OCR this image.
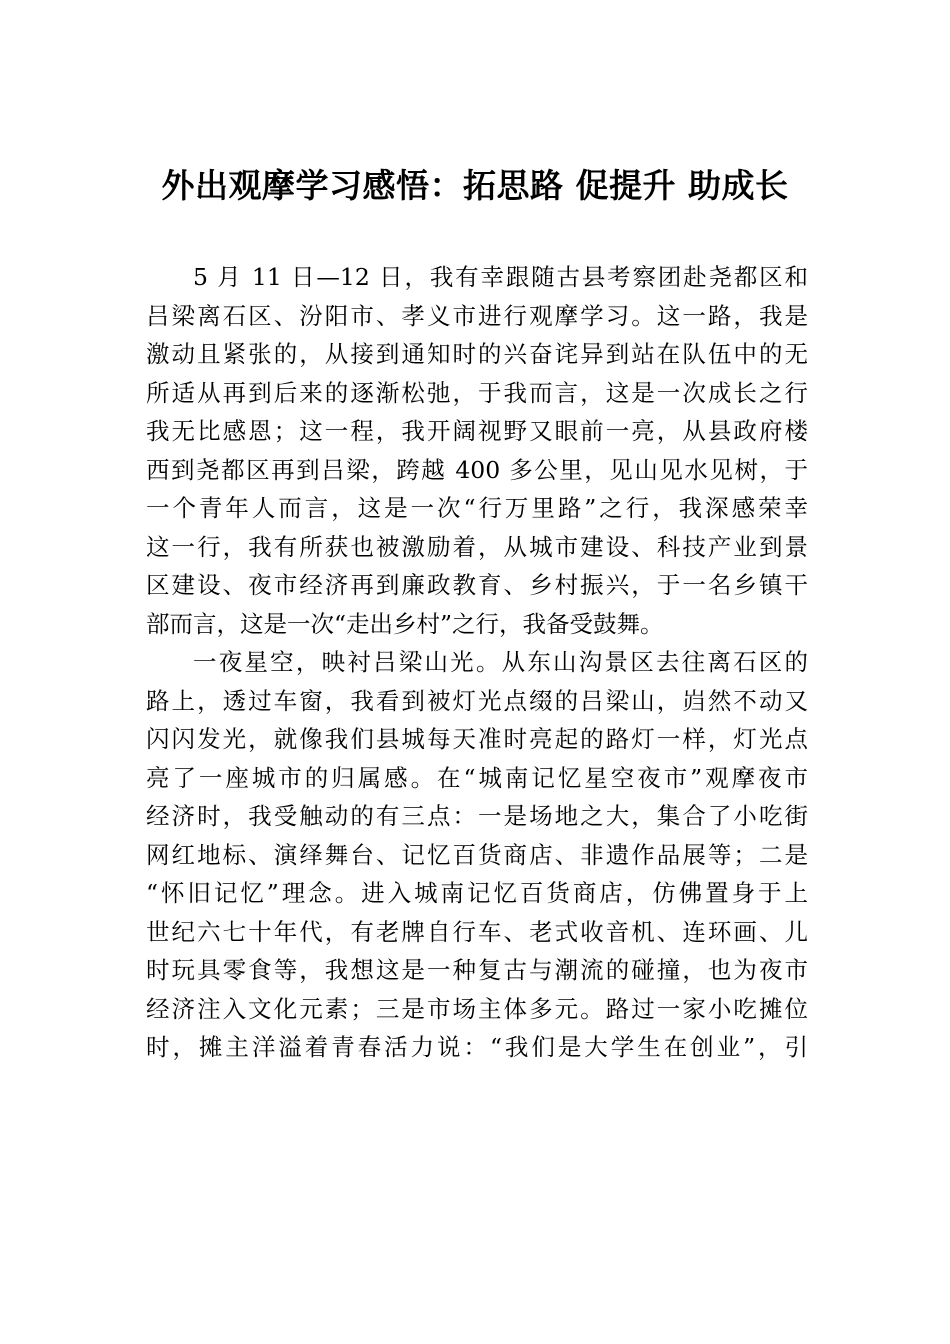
外出观摩学习感悟：拓思路 促提升 助成长
5 月 11 日—12 日，我有幸跟随古县考察团赴尧都区和
吕梁离石区、汾阳市、孝义市进行观摩学习。这一路，我是
激动且紧张的，从接到通知时的兴奋诧异到站在队伍中的无
所适从再到后来的逐渐松弛，于我而言，这是一次成长之行
我无比感恩；这一程，我开阔视野又眼前一亮，从县政府楼
西到尧都区再到吕梁，跨越 400 多公里，见山见水见树，于
一个青年人而言，这是一次“行万里路”之行，我深感荣幸
这一行，我有所获也被激励着，从城市建设、科技产业到景
区建设、夜市经济再到廉政教育、乡村振兴，于一名乡镇干
部而言，这是一次“走出乡村”之行，我备受鼓舞。
一夜星空，映衬吕梁山光。从东山沟景区去往离石区的
路上，透过车窗，我看到被灯光点缀的吕梁山，岿然不动又
闪闪发光，就像我们县城每天准时亮起的路灯一样，灯光点
亮了一座城市的归属感。在“城南记忆星空夜市”观摩夜市
经济时，我受触动的有三点：一是场地之大，集合了小吃街
网红地标、演绎舞台、记忆百货商店、非遗作品展等；二是
“怀旧记忆”理念。进入城南记忆百货商店，仿佛置身于上
世纪六七十年代，有老牌自行车、老式收音机、连环画、儿
时玩具零食等，我想这是一种复古与潮流的碰撞，也为夜市
经济注入文化元素；三是市场主体多元。路过一家小吃摊位
时，摊主洋溢着青春活力说：“我们是大学生在创业”，引
